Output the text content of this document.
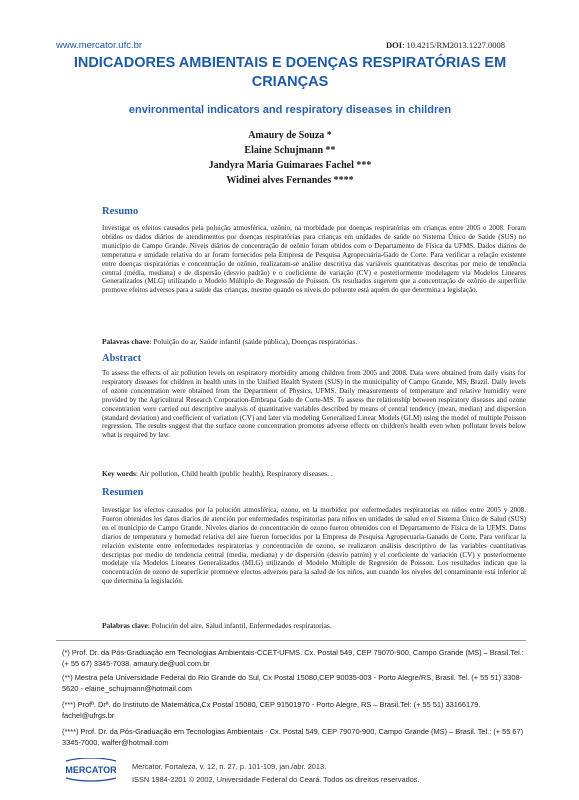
www.mercator.ufc.br	DOI: 10.4215/RM2013.1227.0008
INDICADORES AMBIENTAIS E DOENÇAS RESPIRATÓRIAS EM
CRIANÇAS
environmental indicators and respiratory diseases in children
Amaury de Souza *
Elaine Schujmann **
Jandyra Maria Guimaraes Fachel ***
Widinei alves Fernandes ****
Resumo
Investigar os efeitos causados pela poluição atmosférica, ozônio, na morbidade por doenças respiratórias em crianças entre 2005 e 2008. Foram obtidos os dados diários de atendimentos por doenças respiratórias para crianças em unidades de saúde no Sistema Único de Saúde (SUS) no município de Campo Grande. Níveis diários de concentração de ozônio foram obtidos com o Departamento de Física da UFMS. Dados diários de temperatura e umidade relativa do ar foram fornecidos pela Empresa de Pesquisa Agropecuária-Gado de Corte. Para verificar a relação existente entre doenças respiratórias e concentração de ozônio, realizaram-se análise descritiva das variáveis quantitativas descritas por meio de tendência central (média, mediana) e de dispersão (desvio padrão) e o coeficiente de variação (CV) e posteriormente modelagem via Modelos Lineares Generalizados (MLG) utilizando o Modelo Múltiplo de Regressão de Poisson. Os resultados sugerem que a concentração de ozônio de superfície promove efeitos adversos para a saúde das crianças, mesmo quando os níveis do poluente está aquém do que determina a legislação.
Palavras chave: Poluição do ar, Saúde infantil (saúde pública), Doenças respiratórias.
Abstract
To assess the effects of air pollution levels on respiratory morbidity among children from 2005 and 2008. Data were obtained from daily visits for respiratory diseases for children in health units in the Unified Health System (SUS) in the municipality of Campo Grande, MS, Brazil. Daily levels of ozone concentration were obtained from the Department of Physics, UFMS. Daily measurements of temperature and relative humidity were provided by the Agricultural Research Corporation-Embrapa Gado de Corte-MS. To assess the relationship between respiratory diseases and ozone concentration were carried out descriptive analysis of quantitative variables described by means of central tendency (mean, median) and dispersion (standard deviation) and coefficient of variation (CV) and later via modeling Generalized Linear Models (GLM) using the model of multiple Poisson regression. The results suggest that the surface ozone concentration promotes adverse effects on children's health even when pollutant levels below what is required by law.
Key words: Air pollution, Child health (public health), Respiratory diseases. .
Resumen
Investigar los efectos causados por la polución atmosférica, ozono, en la morbidez por enfermedades respiratorias en niños entre 2005 y 2008. Fueron obtenidos los datos diarios de atención por enfermedades respiratorias para niños en unidades de salud en el Sistema Único de Salud (SUS) en el municipio de Campo Grande. Niveles diarios de concentración de ozono fueron obtenidos con el Departamento de Física de la UFMS. Datos diarios de temperatura y humedad relativa del aire fueron fornecidos por la Empresa de Pesquisa Agropecuaria-Ganado de Corte. Para verificar la relación existente entre enfermedades respiratorias y concentración de ozono, se realizaron análisis descriptivo de las variables cuantitativas descriptas por medio de tendencia central (media, mediana) y de dispersión (desvío patrón) y el coeficiente de variación (CV) y posteriormente modelaje vía Modelos Lineares Generalizados (MLG) utilizando el Modelo Múltiple de Regresión de Poisson. Los resultados indican que la concentración de ozono de superficie promueve efectos adversos para la salud de los niños, aun cuando los niveles del contaminante está inferior al que determina la legislación.
Palabras clave: Polución del aire, Salud infantil, Enfermedades respiratorias.
(*) Prof. Dr. da Pós-Graduação em Tecnologias Ambientais-CCET-UFMS. Cx. Postal 549, CEP 79070-900, Campo Grande (MS) – Brasil.Tel.: (+ 55 67) 3345-7038. amaury.de@uol.com.br
(**) Mestra pela Universidade Federal do Rio Grande do Sul, Cx Postal 15080,CEP 90035-003 - Porto Alegre/RS, Brasil. Tel. (+ 55 51) 3308-5620 - elaine_schujmann@hotmail.com
(***) Profª. Drª. do Instituto de Matemática,Cx Postal 15080, CEP 91501970 - Porto Alegre, RS – Brasil.Tel: (+ 55 51) 33166179. fachel@ufrgs.br
(****) Prof. Dr. da Pós-Graduação em Tecnologias Ambientais - Cx. Postal 549, CEP 79070-900, Campo Grande (MS) – Brasil. Tel.: (+ 55 67) 3345-7000. walfer@hotmail.com
MERCATOR Mercator, Fortaleza, v. 12, n. 27, p. 101-109, jan./abr. 2013.
ISSN 1984-2201 © 2002, Universidade Federal do Ceará. Todos os direitos reservados.
